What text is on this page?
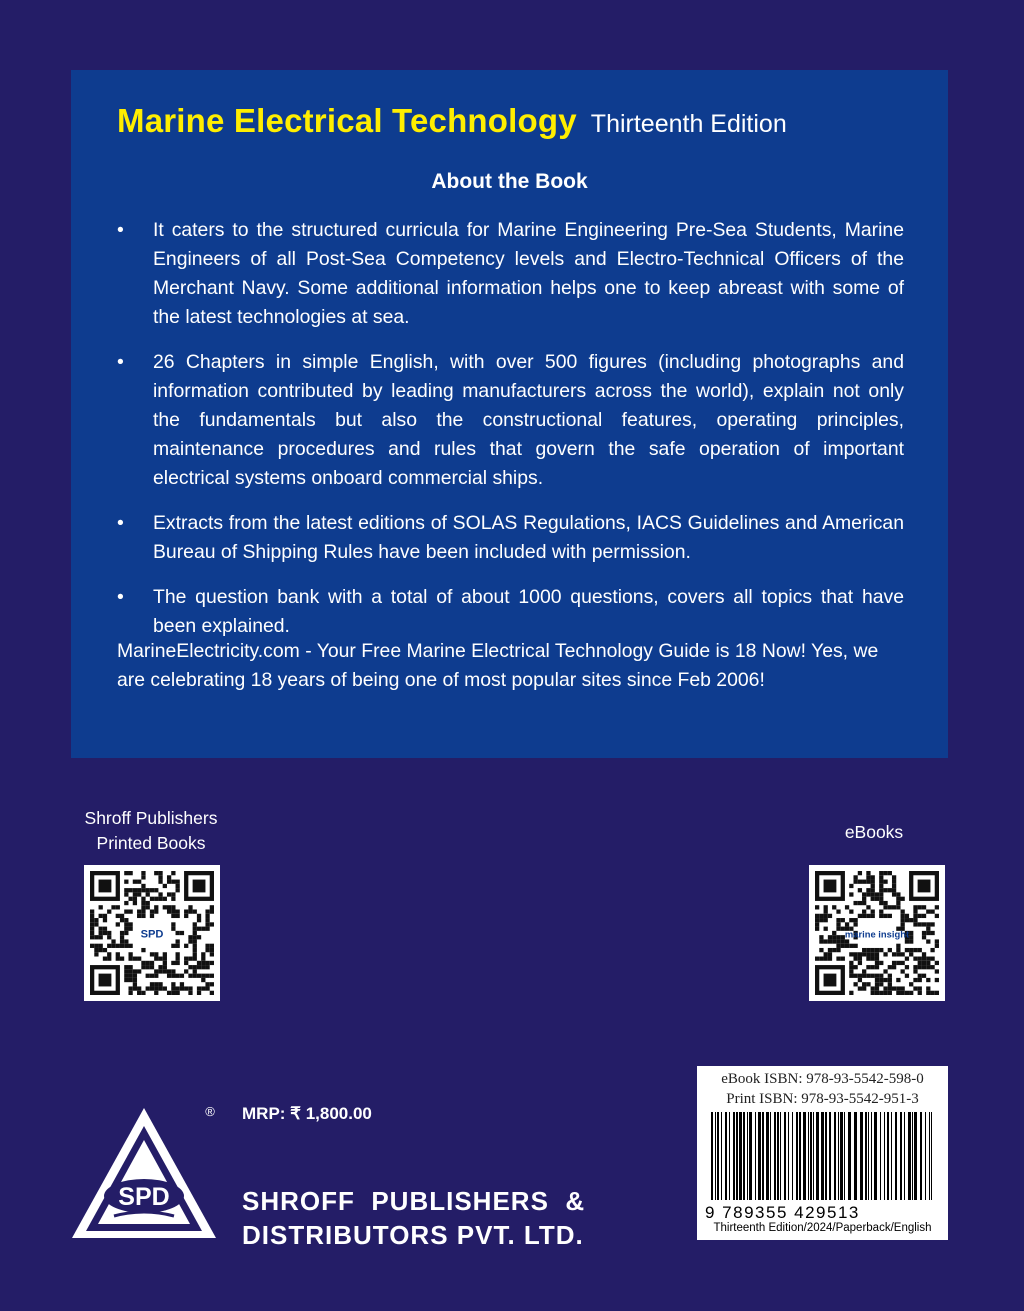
Marine Electrical Technology Thirteenth Edition
About the Book
• It caters to the structured curricula for Marine Engineering Pre-Sea Students, Marine Engineers of all Post-Sea Competency levels and Electro-Technical Officers of the Merchant Navy. Some additional information helps one to keep abreast with some of the latest technologies at sea.
• 26 Chapters in simple English, with over 500 figures (including photographs and information contributed by leading manufacturers across the world), explain not only the fundamentals but also the constructional features, operating principles, maintenance procedures and rules that govern the safe operation of important electrical systems onboard commercial ships.
• Extracts from the latest editions of SOLAS Regulations, IACS Guidelines and American Bureau of Shipping Rules have been included with permission.
• The question bank with a total of about 1000 questions, covers all topics that have been explained.
MarineElectricity.com - Your Free Marine Electrical Technology Guide is 18 Now! Yes, we are celebrating 18 years of being one of most popular sites since Feb 2006!
Shroff Publishers
Printed Books
SPD
eBooks
marine insight
SPD
® MRP: ₹ 1,800.00
SHROFF  PUBLISHERS  &
DISTRIBUTORS PVT. LTD.
eBook ISBN: 978-93-5542-598-0
Print ISBN: 978-93-5542-951-3
9 789355 429513
Thirteenth Edition/2024/Paperback/English
